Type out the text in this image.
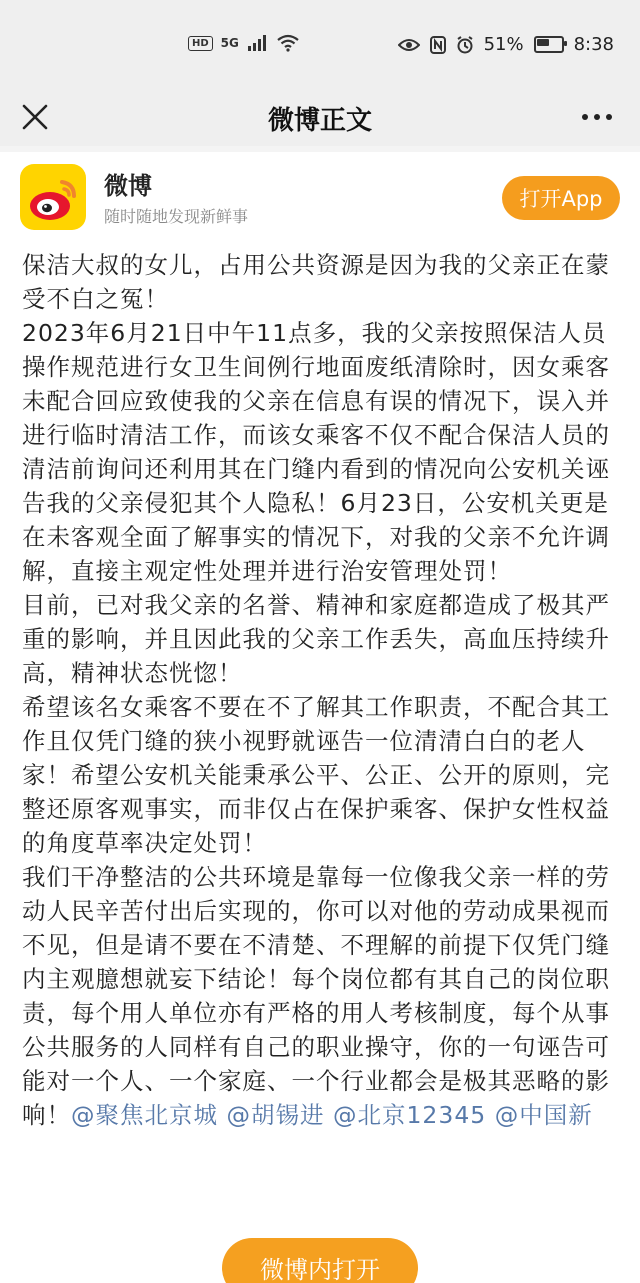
HD	5G	51%	8:38
微博正文
微博
随时随地发现新鲜事
打开App

保洁大叔的女儿，占用公共资源是因为我的父亲正在蒙受不白之冤！

2023年6月21日中午11点多，我的父亲按照保洁人员操作规范进行女卫生间例行地面废纸清除时，因女乘客未配合回应致使我的父亲在信息有误的情况下，误入并进行临时清洁工作，而该女乘客不仅不配合保洁人员的清洁前询问还利用其在门缝内看到的情况向公安机关诬告我的父亲侵犯其个人隐私！6月23日，公安机关更是在未客观全面了解事实的情况下，对我的父亲不允许调解，直接主观定性处理并进行治安管理处罚！

目前，已对我父亲的名誉、精神和家庭都造成了极其严重的影响，并且因此我的父亲工作丢失，高血压持续升高，精神状态恍惚！

希望该名女乘客不要在不了解其工作职责，不配合其工作且仅凭门缝的狭小视野就诬告一位清清白白的老人家！希望公安机关能秉承公平、公正、公开的原则，完整还原客观事实，而非仅占在保护乘客、保护女性权益的角度草率决定处罚！

我们干净整洁的公共环境是靠每一位像我父亲一样的劳动人民辛苦付出后实现的，你可以对他的劳动成果视而不见，但是请不要在不清楚、不理解的前提下仅凭门缝内主观臆想就妄下结论！每个岗位都有其自己的岗位职责，每个用人单位亦有严格的用人考核制度，每个从事公共服务的人同样有自己的职业操守，你的一句诬告可能对一个人、一个家庭、一个行业都会是极其恶略的影响！@聚焦北京城 @胡锡进 @北京12345 @中国新

微博内打开
